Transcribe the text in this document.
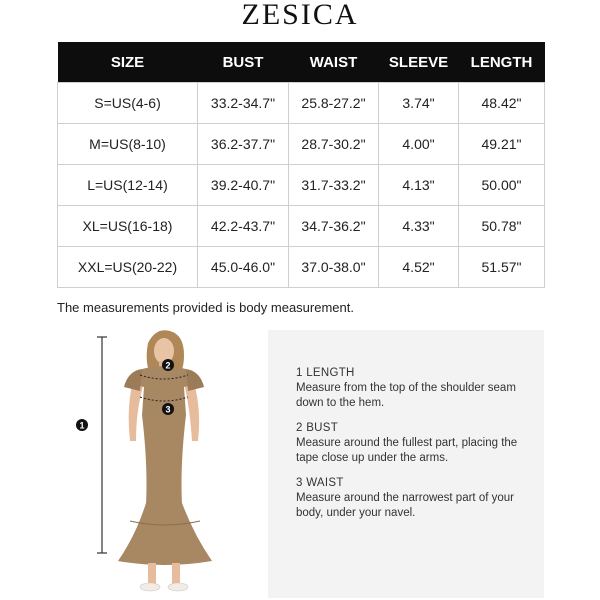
ZESICA
SIZE	BUST	WAIST	SLEEVE	LENGTH
S=US(4-6)	33.2-34.7"	25.8-27.2"	3.74"	48.42"
M=US(8-10)	36.2-37.7"	28.7-30.2"	4.00"	49.21"
L=US(12-14)	39.2-40.7"	31.7-33.2"	4.13"	50.00"
XL=US(16-18)	42.2-43.7"	34.7-36.2"	4.33"	50.78"
XXL=US(20-22)	45.0-46.0"	37.0-38.0"	4.52"	51.57"
The measurements provided is body measurement.
1
2
3
1 LENGTH
Measure from the top of the shoulder seam down to the hem.
2 BUST
Measure around the fullest part, placing the tape close up under the arms.
3 WAIST
Measure around the narrowest part of your body, under your navel.
